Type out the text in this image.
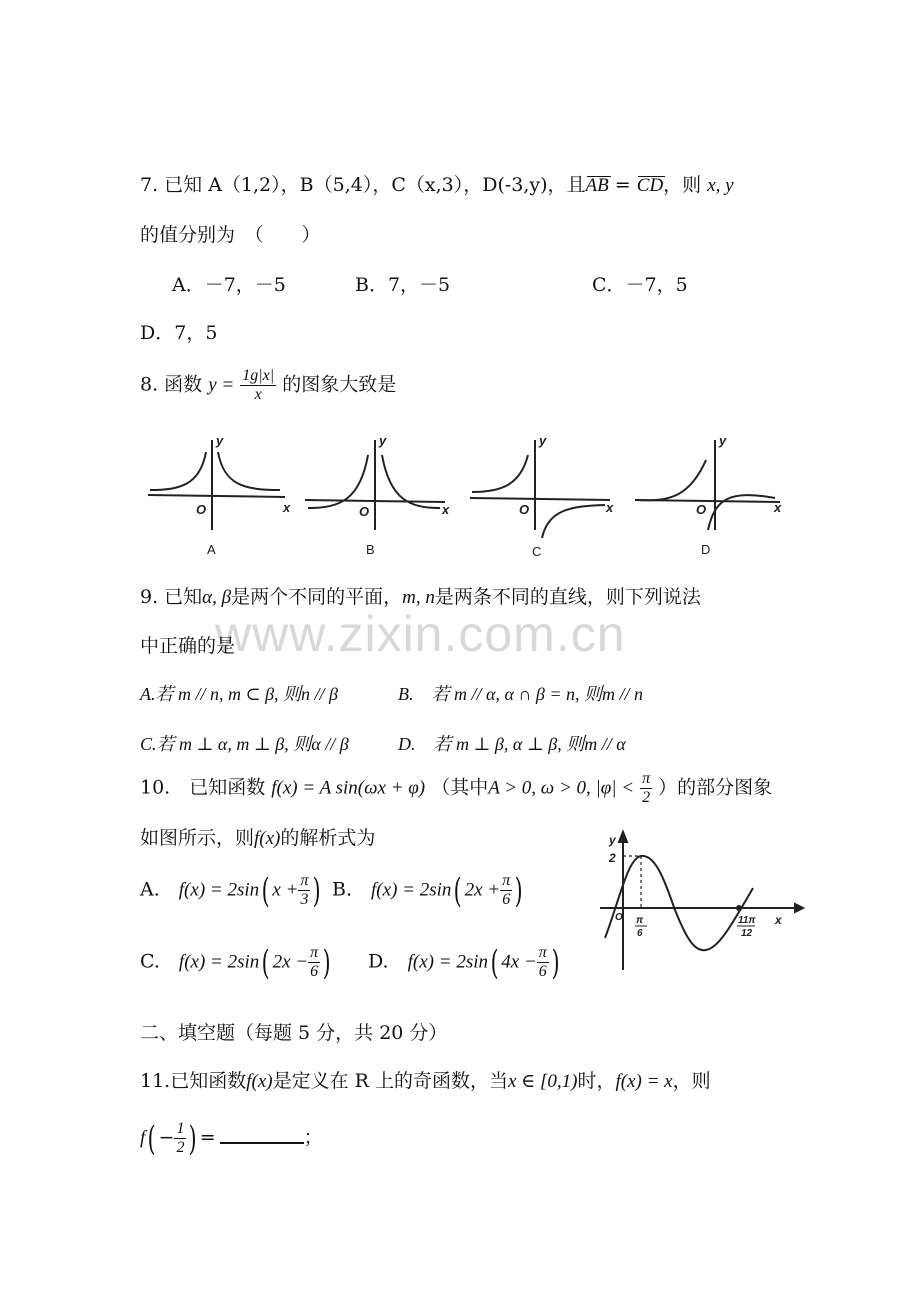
www.zixin.com.cn
7. 已知 A（1,2），B（5,4），C（x,3），D(-3,y)，且AB = CD，则 x, y
的值分别为　 （　　）
A．－7，－5	B．7，－5	C．－7，5
D．7，5
8. 函数 $y = \frac{1g|x|}{x}$ 的图象大致是
y
x
O
y
x
O
y
x
O
y
x
O
A	B	C	D
9. 已知α, β是两个不同的平面，m, n是两条不同的直线，则下列说法
中正确的是
A.若 m // n, m ⊂ β, 则n // β	B.　若 m // α, α ∩ β = n, 则m // n
C.若 m ⊥ α, m ⊥ β, 则α // β	D.　若 m ⊥ β, α ⊥ β, 则m // α
10.　已知函数 f(x) = A sin(ωx + φ) （其中A > 0, ω > 0, $|\varphi| < \frac{\pi}{2}$ ）的部分图象
如图所示，则f(x)的解析式为
A.　 f(x) = 2sin( $x + \frac{\pi}{3}$ ) B.　 f(x) = 2sin( $2x + \frac{\pi}{6}$ )
C.　 f(x) = 2sin( $2x - \frac{\pi}{6}$ ) D.　 f(x) = 2sin( $4x - \frac{\pi}{6}$ )
y
x
O
2
π
6
11π
12
二、填空题（每题 5 分，共 20 分）
11.已知函数f(x)是定义在 R 上的奇函数，当x ∈ [0,1)时，f(x) = x，则
$f( - \frac{1}{2}$ ) =	；
